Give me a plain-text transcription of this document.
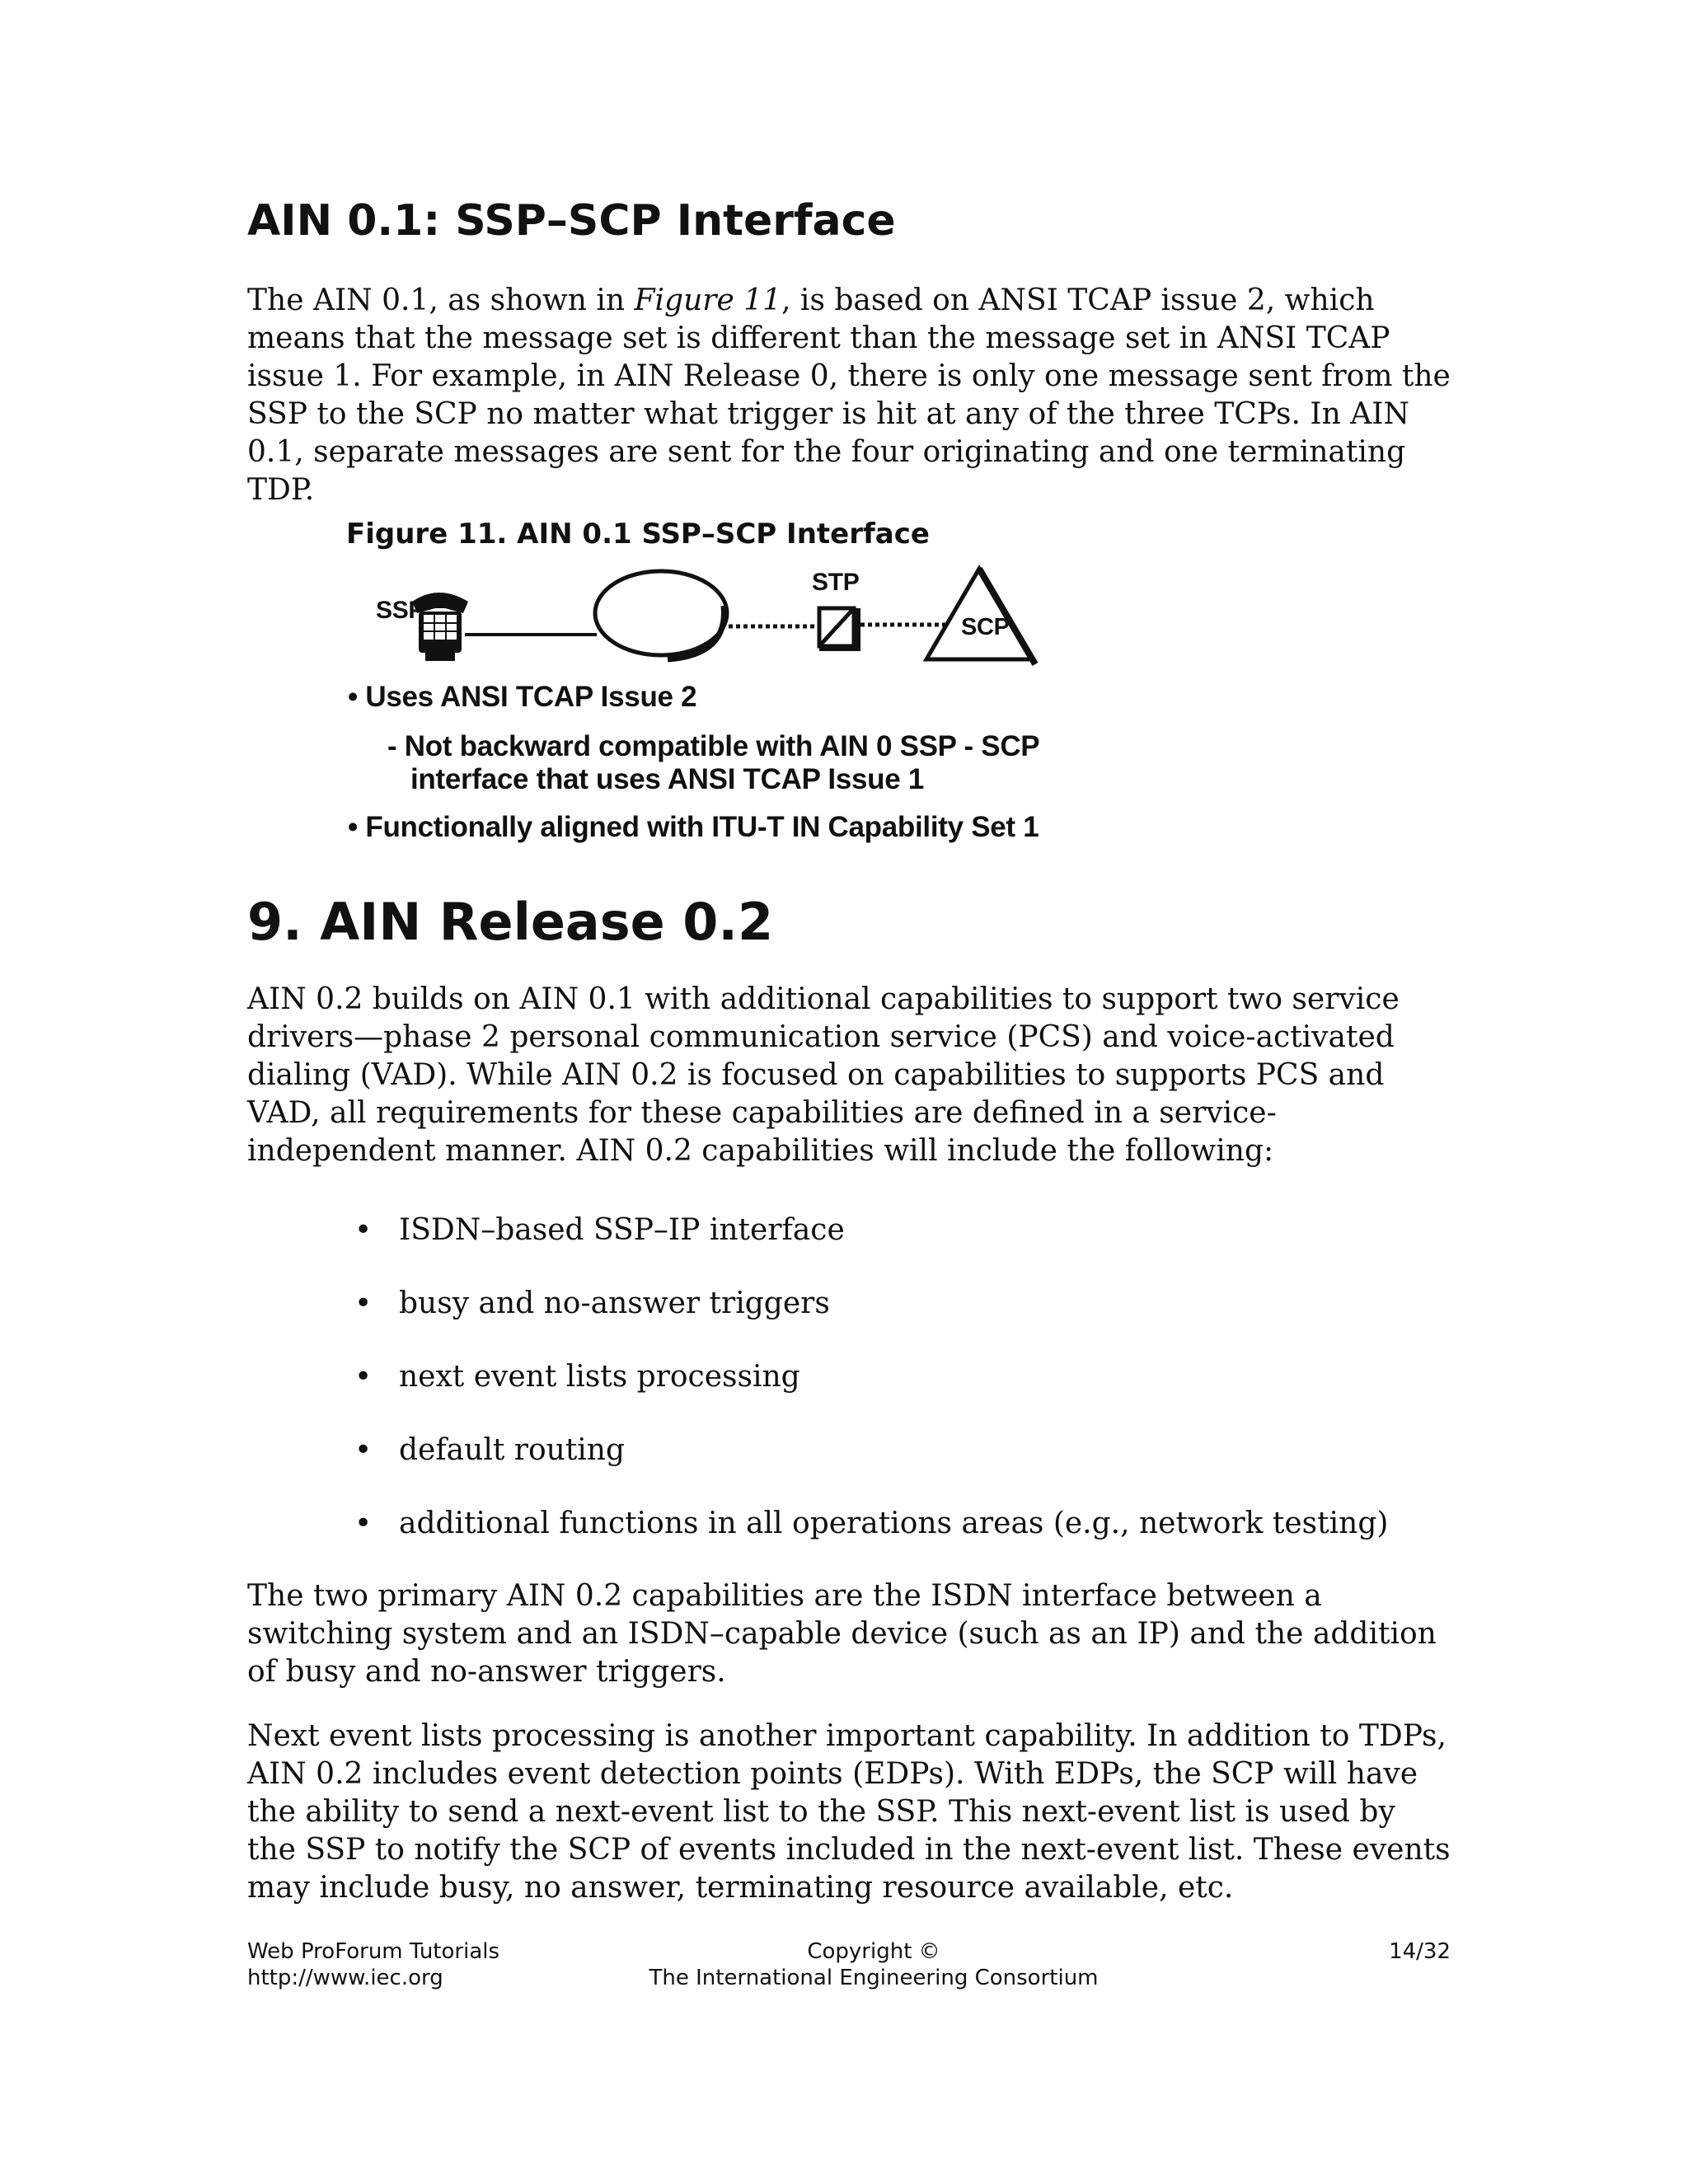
AIN 0.1: SSP–SCP Interface

The AIN 0.1, as shown in Figure 11, is based on ANSI TCAP issue 2, which means that the message set is different than the message set in ANSI TCAP issue 1. For example, in AIN Release 0, there is only one message sent from the SSP to the SCP no matter what trigger is hit at any of the three TCPs. In AIN 0.1, separate messages are sent for the four originating and one terminating TDP.

Figure 11. AIN 0.1 SSP–SCP Interface
SSP
STP
SCP
• Uses ANSI TCAP Issue 2
- Not backward compatible with AIN 0 SSP - SCP
interface that uses ANSI TCAP Issue 1
• Functionally aligned with ITU-T IN Capability Set 1
9. AIN Release 0.2

AIN 0.2 builds on AIN 0.1 with additional capabilities to support two service drivers—phase 2 personal communication service (PCS) and voice-activated dialing (VAD). While AIN 0.2 is focused on capabilities to supports PCS and VAD, all requirements for these capabilities are defined in a service-independent manner. AIN 0.2 capabilities will include the following:

• ISDN–based SSP–IP interface
• busy and no-answer triggers
• next event lists processing
• default routing
• additional functions in all operations areas (e.g., network testing)

The two primary AIN 0.2 capabilities are the ISDN interface between a switching system and an ISDN–capable device (such as an IP) and the addition of busy and no-answer triggers.

Next event lists processing is another important capability. In addition to TDPs, AIN 0.2 includes event detection points (EDPs). With EDPs, the SCP will have the ability to send a next-event list to the SSP. This next-event list is used by the SSP to notify the SCP of events included in the next-event list. These events may include busy, no answer, terminating resource available, etc.

Web ProForum Tutorials
http://www.iec.org
Copyright ©
The International Engineering Consortium
14/32
